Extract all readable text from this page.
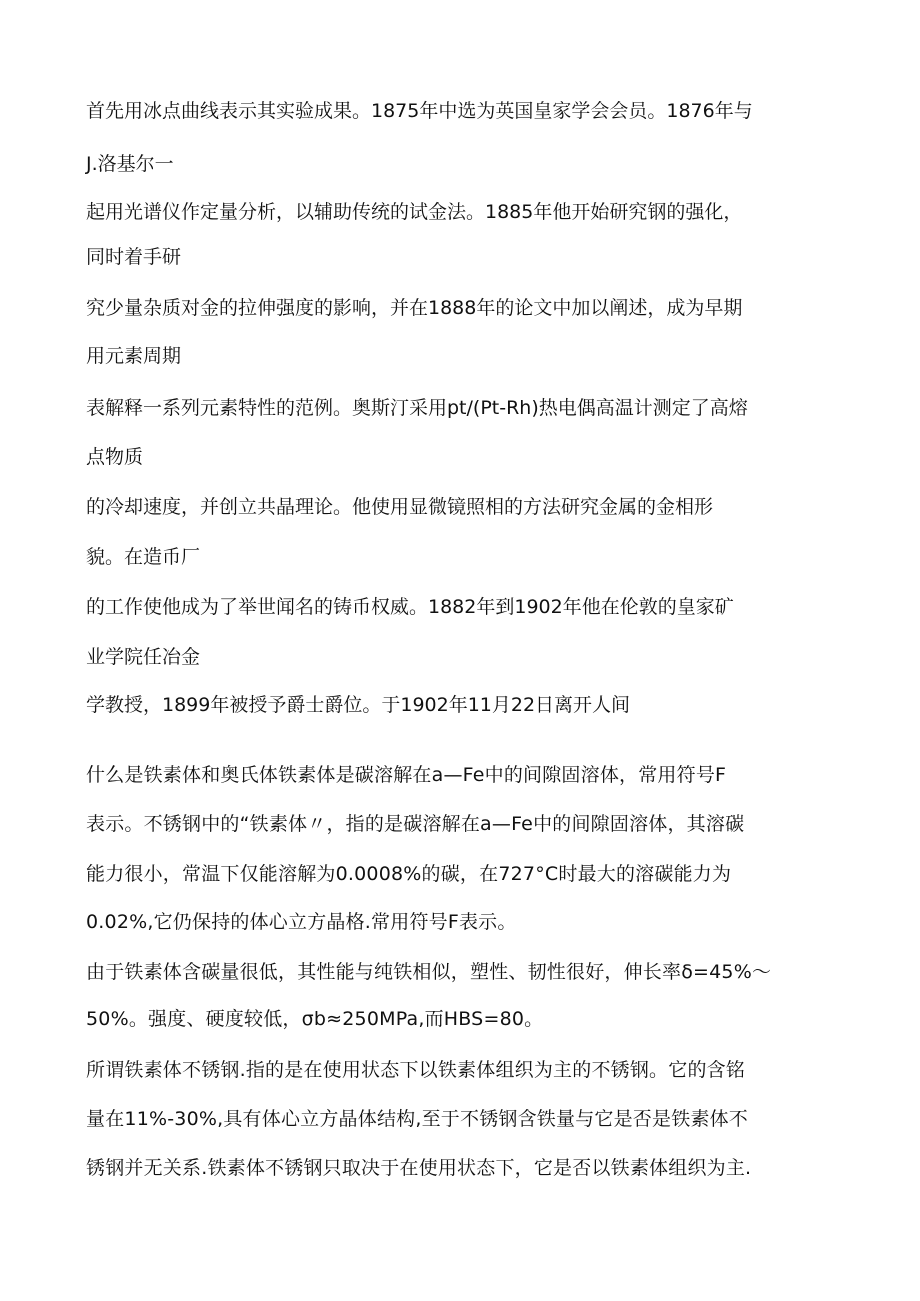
首先用冰点曲线表示其实验成果。1875年中选为英国皇家学会会员。1876年与
J.洛基尔一
起用光谱仪作定量分析，以辅助传统的试金法。1885年他开始研究钢的强化，
同时着手研
究少量杂质对金的拉伸强度的影响，并在1888年的论文中加以阐述，成为早期
用元素周期
表解释一系列元素特性的范例。奥斯汀采用pt/(Pt-Rh)热电偶高温计测定了高熔
点物质
的冷却速度，并创立共晶理论。他使用显微镜照相的方法研究金属的金相形
貌。在造币厂
的工作使他成为了举世闻名的铸币权威。1882年到1902年他在伦敦的皇家矿
业学院任冶金
学教授，1899年被授予爵士爵位。于1902年11月22日离开人间
什么是铁素体和奥氏体铁素体是碳溶解在a—Fe中的间隙固溶体，常用符号F
表示。不锈钢中的“铁素体〃，指的是碳溶解在a—Fe中的间隙固溶体，其溶碳
能力很小，常温下仅能溶解为0.0008%的碳，在727°C时最大的溶碳能力为
0.02%,它仍保持的体心立方晶格.常用符号F表示。
由于铁素体含碳量很低，其性能与纯铁相似，塑性、韧性很好，伸长率δ=45%～
50%。强度、硬度较低，σb≈250MPa,而HBS=80。
所谓铁素体不锈钢.指的是在使用状态下以铁素体组织为主的不锈钢。它的含铭
量在11%-30%,具有体心立方晶体结构,至于不锈钢含铁量与它是否是铁素体不
锈钢并无关系.铁素体不锈钢只取决于在使用状态下，它是否以铁素体组织为主.
